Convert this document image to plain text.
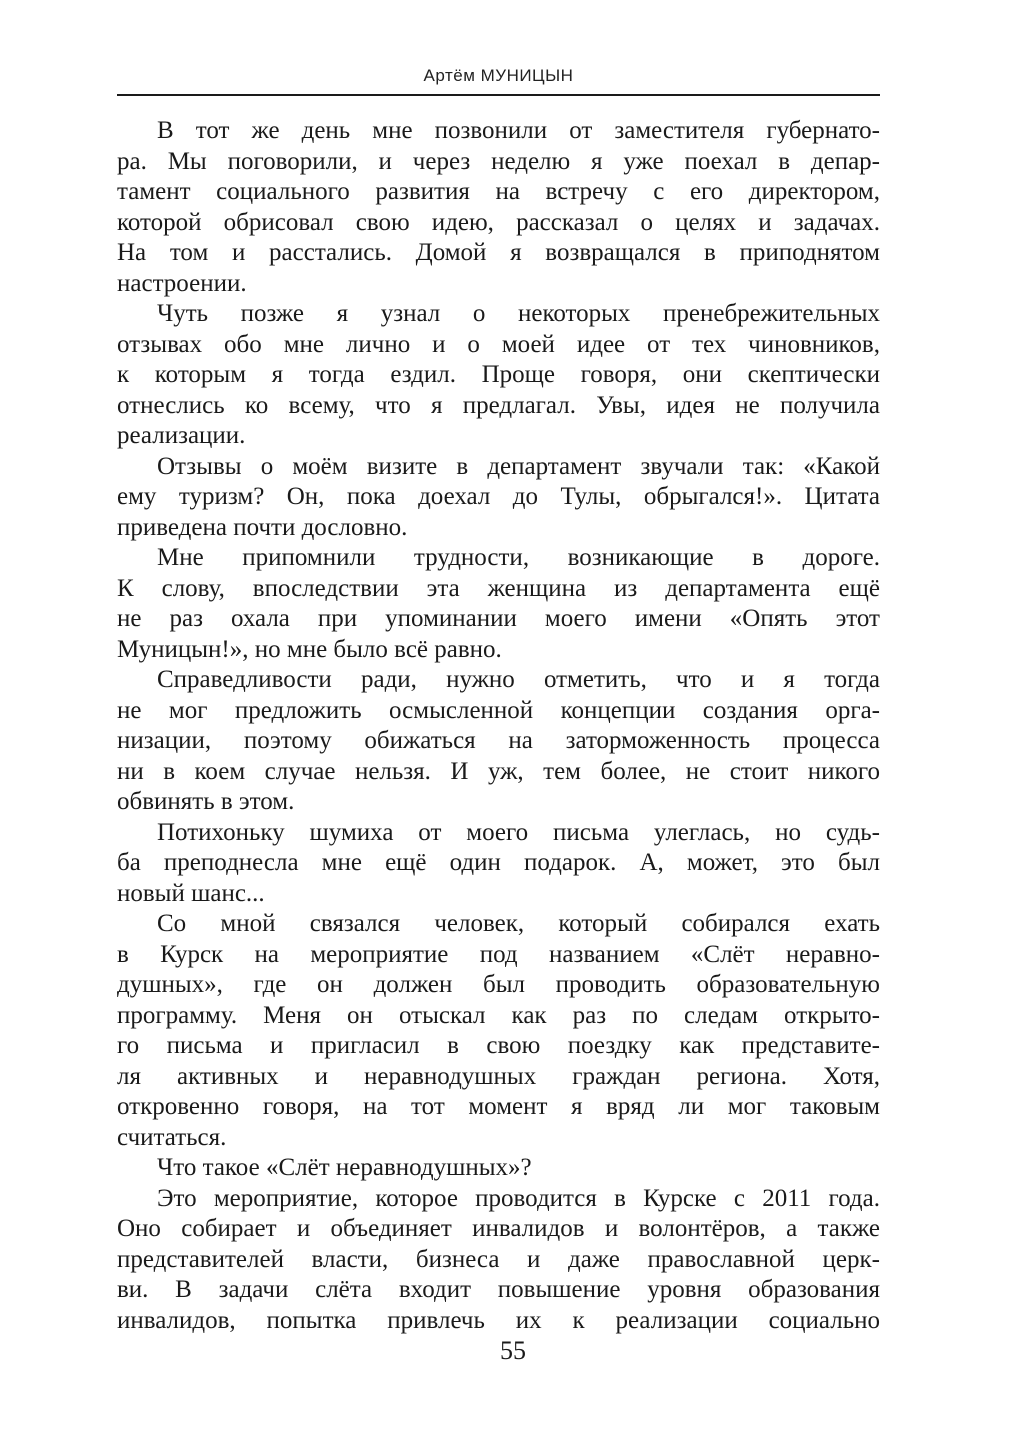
Артём МУНИЦЫН
В тот же день мне позвонили от заместителя губернато-
ра. Мы поговорили, и через неделю я уже поехал в депар-
тамент социального развития на встречу с его директором,
которой обрисовал свою идею, рассказал о целях и задачах.
На том и расстались. Домой я возвращался в приподнятом
настроении.
Чуть позже я узнал о некоторых пренебрежительных
отзывах обо мне лично и о моей идее от тех чиновников,
к которым я тогда ездил. Проще говоря, они скептически
отнеслись ко всему, что я предлагал. Увы, идея не получила
реализации.
Отзывы о моём визите в департамент звучали так: «Какой
ему туризм? Он, пока доехал до Тулы, обрыгался!». Цитата
приведена почти дословно.
Мне припомнили трудности, возникающие в дороге.
К слову, впоследствии эта женщина из департамента ещё
не раз охала при упоминании моего имени «Опять этот
Муницын!», но мне было всё равно.
Справедливости ради, нужно отметить, что и я тогда
не мог предложить осмысленной концепции создания орга-
низации, поэтому обижаться на заторможенность процесса
ни в коем случае нельзя. И уж, тем более, не стоит никого
обвинять в этом.
Потихоньку шумиха от моего письма улеглась, но судь-
ба преподнесла мне ещё один подарок. А, может, это был
новый шанс...
Со мной связался человек, который собирался ехать
в Курск на мероприятие под названием «Слёт неравно-
душных», где он должен был проводить образовательную
программу. Меня он отыскал как раз по следам открыто-
го письма и пригласил в свою поездку как представите-
ля активных и неравнодушных граждан региона. Хотя,
откровенно говоря, на тот момент я вряд ли мог таковым
считаться.
Что такое «Слёт неравнодушных»?
Это мероприятие, которое проводится в Курске с 2011 года.
Оно собирает и объединяет инвалидов и волонтёров, а также
представителей власти, бизнеса и даже православной церк-
ви. В задачи слёта входит повышение уровня образования
инвалидов, попытка привлечь их к реализации социально
55
